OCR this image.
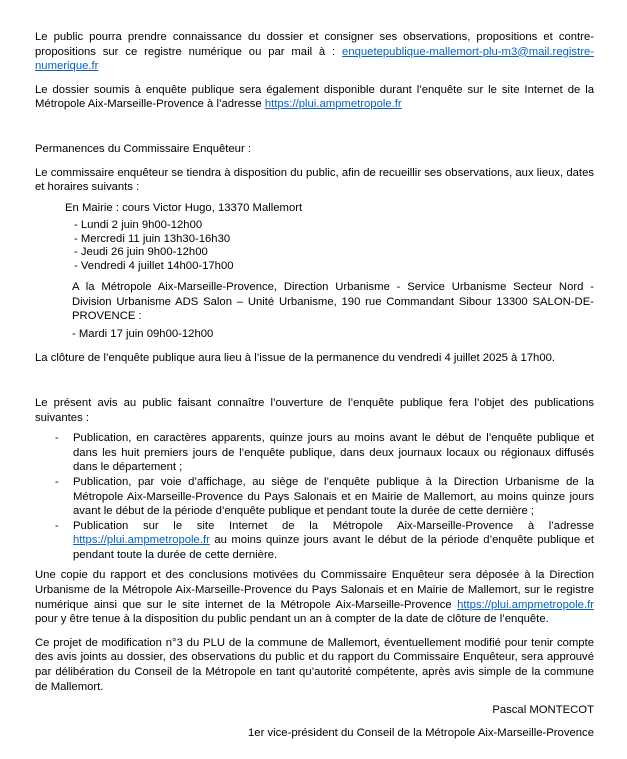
Le public pourra prendre connaissance du dossier et consigner ses observations, propositions et contre-propositions sur ce registre numérique ou par mail à : enquetepublique-mallemort-plu-m3@mail.registre-numerique.fr

Le dossier soumis à enquête publique sera également disponible durant l’enquête sur le site Internet de la Métropole Aix-Marseille-Provence à l’adresse https://plui.ampmetropole.fr

Permanences du Commissaire Enquêteur :

Le commissaire enquêteur se tiendra à disposition du public, afin de recueillir ses observations, aux lieux, dates et horaires suivants :

En Mairie : cours Victor Hugo, 13370 Mallemort

- Lundi 2 juin 9h00-12h00
- Mercredi 11 juin 13h30-16h30
- Jeudi 26 juin 9h00-12h00
- Vendredi 4 juillet 14h00-17h00

A la Métropole Aix-Marseille-Provence, Direction Urbanisme - Service Urbanisme Secteur Nord - Division Urbanisme ADS Salon – Unité Urbanisme, 190 rue Commandant Sibour 13300 SALON-DE-PROVENCE :

- Mardi 17 juin 09h00-12h00

La clôture de l’enquête publique aura lieu à l’issue de la permanence du vendredi 4 juillet 2025 à 17h00.

Le présent avis au public faisant connaître l’ouverture de l’enquête publique fera l’objet des publications suivantes :

- Publication, en caractères apparents, quinze jours au moins avant le début de l’enquête publique et dans les huit premiers jours de l’enquête publique, dans deux journaux locaux ou régionaux diffusés dans le département ;
- Publication, par voie d’affichage, au siège de l’enquête publique à la Direction Urbanisme de la Métropole Aix-Marseille-Provence du Pays Salonais et en Mairie de Mallemort, au moins quinze jours avant le début de la période d’enquête publique et pendant toute la durée de cette dernière ;
- Publication sur le site Internet de la Métropole Aix-Marseille-Provence à l’adresse https://plui.ampmetropole.fr au moins quinze jours avant le début de la période d’enquête publique et pendant toute la durée de cette dernière.

Une copie du rapport et des conclusions motivées du Commissaire Enquêteur sera déposée à la Direction Urbanisme de la Métropole Aix-Marseille-Provence du Pays Salonais et en Mairie de Mallemort, sur le registre numérique ainsi que sur le site internet de la Métropole Aix-Marseille-Provence https://plui.ampmetropole.fr pour y être tenue à la disposition du public pendant un an à compter de la date de clôture de l’enquête.

Ce projet de modification n°3 du PLU de la commune de Mallemort, éventuellement modifié pour tenir compte des avis joints au dossier, des observations du public et du rapport du Commissaire Enquêteur, sera approuvé par délibération du Conseil de la Métropole en tant qu’autorité compétente, après avis simple de la commune de Mallemort.

Pascal MONTECOT

1er vice-président du Conseil de la Métropole Aix-Marseille-Provence
